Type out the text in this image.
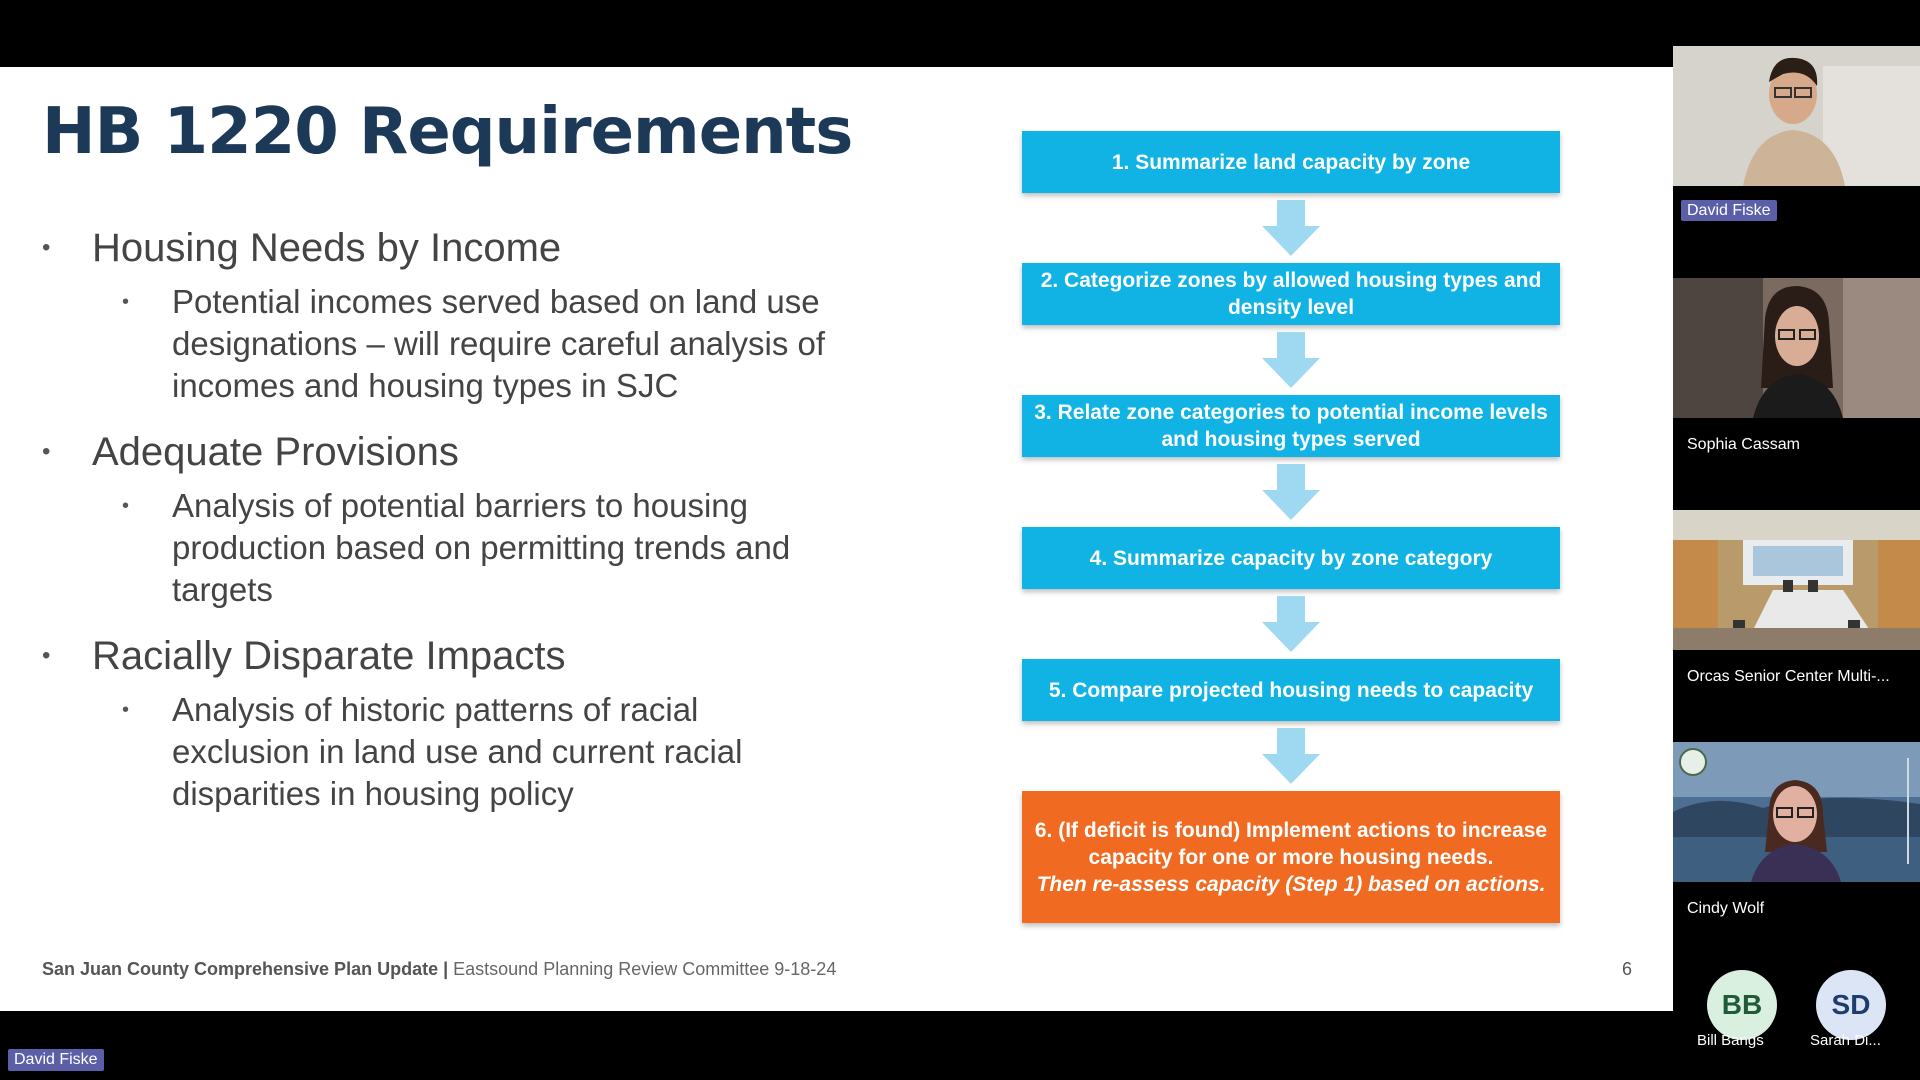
HB 1220 Requirements

• Housing Needs by Income

• Potential incomes served based on land use
designations – will require careful analysis of
incomes and housing types in SJC

• Adequate Provisions

• Analysis of potential barriers to housing
production based on permitting trends and
targets

• Racially Disparate Impacts

• Analysis of historic patterns of racial
exclusion in land use and current racial
disparities in housing policy

1. Summarize land capacity by zone
2. Categorize zones by allowed housing types and
density level
3. Relate zone categories to potential income levels
and housing types served
4. Summarize capacity by zone category
5. Compare projected housing needs to capacity
6. (If deficit is found) Implement actions to increase
capacity for one or more housing needs.
Then re-assess capacity (Step 1) based on actions.
San Juan County Comprehensive Plan Update | Eastsound Planning Review Committee 9-18-24	6
David Fiske
Sophia Cassam
Orcas Senior Center Multi-...
Cindy Wolf
BB
Bill Bangs
SD
Sarah Di...
David Fiske
